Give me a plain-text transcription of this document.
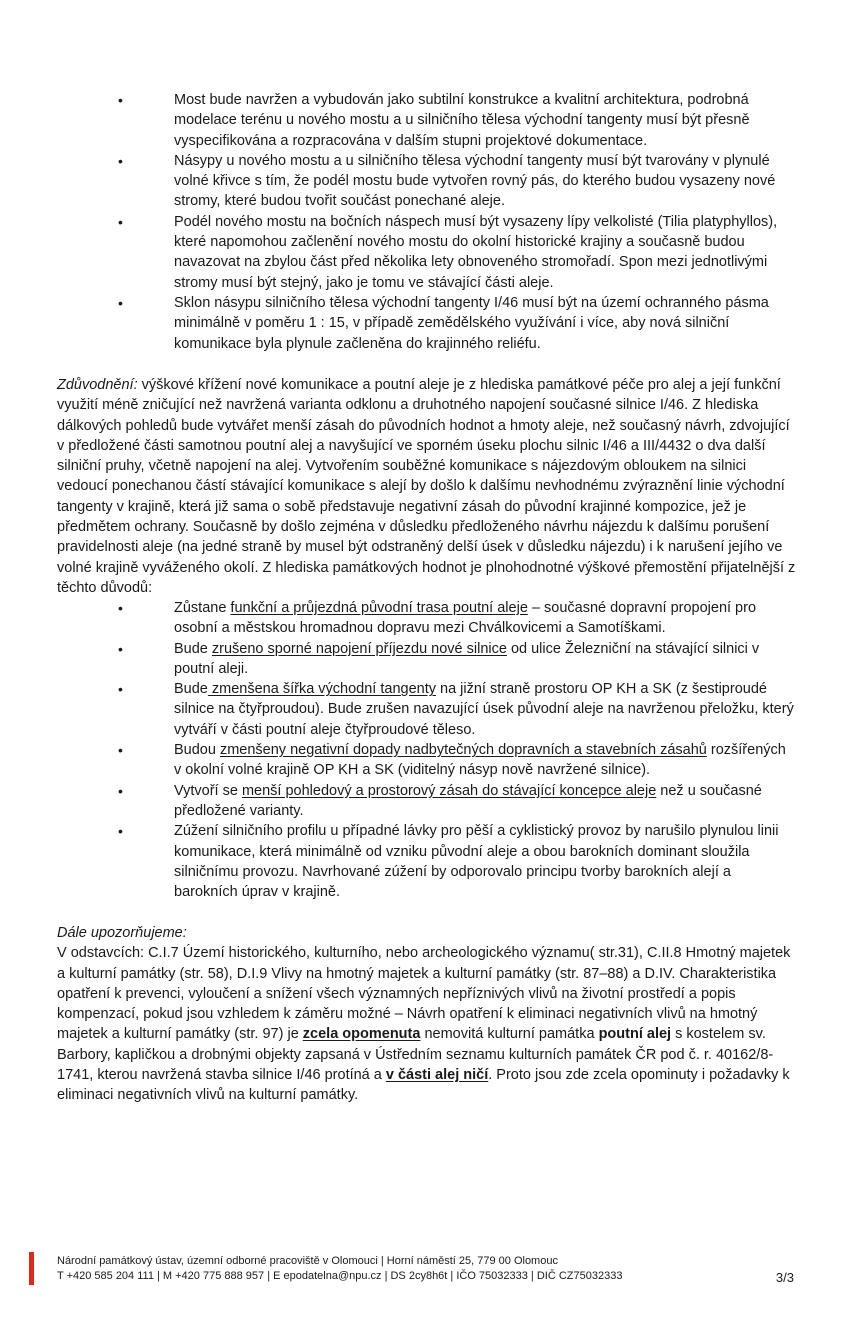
•	Most bude navržen a vybudován jako subtilní konstrukce a kvalitní architektura, podrobná modelace terénu u nového mostu a u silničního tělesa východní tangenty musí být přesně vyspecifikována a rozpracována v dalším stupni projektové dokumentace.
•	Násypy u nového mostu a u silničního tělesa východní tangenty musí být tvarovány v plynulé volné křivce s tím, že podél mostu bude vytvořen rovný pás, do kterého budou vysazeny nové stromy, které budou tvořit součást ponechané aleje.
•	Podél nového mostu na bočních náspech musí být vysazeny lípy velkolisté (Tilia platyphyllos), které napomohou začlenění nového mostu do okolní historické krajiny a současně budou navazovat na zbylou část před několika lety obnoveného stromořadí. Spon mezi jednotlivými stromy musí být stejný, jako je tomu ve stávající části aleje.
•	Sklon násypu silničního tělesa východní tangenty I/46 musí být na území ochranného pásma minimálně v poměru 1 : 15, v případě zemědělského využívání i více, aby nová silniční komunikace byla plynule začleněna do krajinného reliéfu.

Zdůvodnění: výškové křížení nové komunikace a poutní aleje je z hlediska památkové péče pro alej a její funkční využití méně zničující než navržená varianta odklonu a druhotného napojení současné silnice I/46. Z hlediska dálkových pohledů bude vytvářet menší zásah do původních hodnot a hmoty aleje, než současný návrh, zdvojující v předložené části samotnou poutní alej a navyšující ve sporném úseku plochu silnic I/46 a III/4432 o dva další silniční pruhy, včetně napojení na alej. Vytvořením souběžné komunikace s nájezdovým obloukem na silnici vedoucí ponechanou částí stávající komunikace s alejí by došlo k dalšímu nevhodnému zvýraznění linie východní tangenty v krajině, která již sama o sobě představuje negativní zásah do původní krajinné kompozice, jež je předmětem ochrany. Současně by došlo zejména v důsledku předloženého návrhu nájezdu k dalšímu porušení pravidelnosti aleje (na jedné straně by musel být odstraněný delší úsek v důsledku nájezdu) i k narušení jejího ve volné krajině vyváženého okolí. Z hlediska památkových hodnot je plnohodnotné výškové přemostění přijatelnější z těchto důvodů:

•	Zůstane funkční a průjezdná původní trasa poutní aleje – současné dopravní propojení pro osobní a městskou hromadnou dopravu mezi Chválkovicemi a Samotíškami.
•	Bude zrušeno sporné napojení příjezdu nové silnice od ulice Železniční na stávající silnici v poutní aleji.
•	Bude zmenšena šířka východní tangenty na jižní straně prostoru OP KH a SK (z šestiproudé silnice na čtyřproudou). Bude zrušen navazující úsek původní aleje na navrženou přeložku, který vytváří v části poutní aleje čtyřproudové těleso.
•	Budou zmenšeny negativní dopady nadbytečných dopravních a stavebních zásahů rozšířených v okolní volné krajině OP KH a SK (viditelný násyp nově navržené silnice).
•	Vytvoří se menší pohledový a prostorový zásah do stávající koncepce aleje než u současné předložené varianty.
•	Zúžení silničního profilu u případné lávky pro pěší a cyklistický provoz by narušilo plynulou linii komunikace, která minimálně od vzniku původní aleje a obou barokních dominant sloužila silničnímu provozu. Navrhované zúžení by odporovalo principu tvorby barokních alejí a barokních úprav v krajině.
Dále upozorňujeme:
V odstavcích: C.I.7 Území historického, kulturního, nebo archeologického významu( str.31), C.II.8 Hmotný majetek a kulturní památky (str. 58), D.I.9 Vlivy na hmotný majetek a kulturní památky (str. 87–88) a D.IV. Charakteristika opatření k prevenci, vyloučení a snížení všech významných nepříznivých vlivů na životní prostředí a popis kompenzací, pokud jsou vzhledem k záměru možné – Návrh opatření k eliminaci negativních vlivů na hmotný majetek a kulturní památky (str. 97) je zcela opomenuta nemovitá kulturní památka poutní alej s kostelem sv. Barbory, kapličkou a drobnými objekty zapsaná v Ústředním seznamu kulturních památek ČR pod č. r. 40162/8-1741, kterou navržená stavba silnice I/46 protíná a v části alej ničí. Proto jsou zde zcela opominuty i požadavky k eliminaci negativních vlivů na kulturní památky.
Národní památkový ústav, územní odborné pracoviště v Olomouci | Horní náměstí 25, 779 00 Olomouc
T +420 585 204 111 | M +420 775 888 957 | E epodatelna@npu.cz | DS 2cy8h6t | IČO 75032333 | DIČ CZ75032333	3/3
